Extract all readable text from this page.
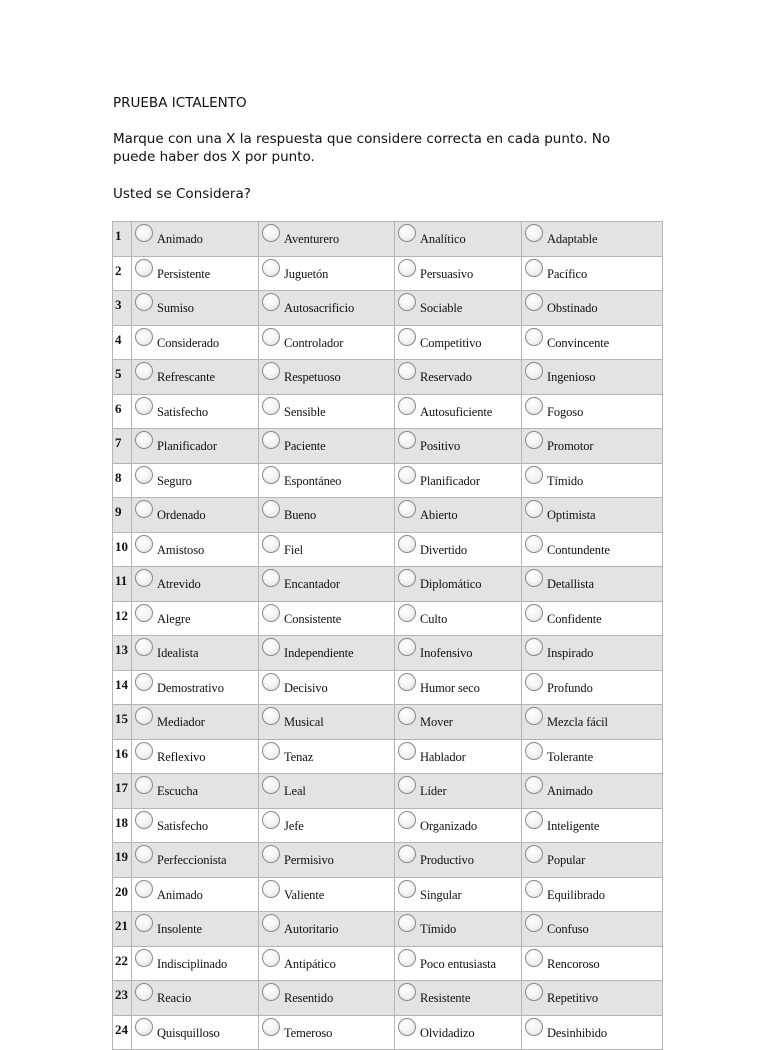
PRUEBA ICTALENTO

Marque con una X la respuesta que considere correcta en cada punto. No puede haber dos X por punto.

Usted se Considera?

1	Animado	Aventurero	Analítico	Adaptable

2	Persistente	Juguetón	Persuasivo	Pacífico

3	Sumiso	Autosacrificio	Sociable	Obstinado

4	Considerado	Controlador	Competitivo	Convincente

5	Refrescante	Respetuoso	Reservado	Ingenioso

6	Satisfecho	Sensible	Autosuficiente	Fogoso

7	Planificador	Paciente	Positivo	Promotor

8	Seguro	Espontáneo	Planificador	Tímido

9	Ordenado	Bueno	Abierto	Optimista

10	Amistoso	Fiel	Divertido	Contundente

11	Atrevido	Encantador	Diplomático	Detallista

12	Alegre	Consistente	Culto	Confidente

13	Idealista	Independiente	Inofensivo	Inspirado

14	Demostrativo	Decisivo	Humor seco	Profundo

15	Mediador	Musical	Mover	Mezcla fácil

16	Reflexivo	Tenaz	Hablador	Tolerante

17	Escucha	Leal	Líder	Animado

18	Satisfecho	Jefe	Organizado	Inteligente

19	Perfeccionista	Permisivo	Productivo	Popular

20	Animado	Valiente	Singular	Equilibrado

21	Insolente	Autoritario	Tímido	Confuso

22	Indisciplinado	Antipático	Poco entusiasta	Rencoroso

23	Reacio	Resentido	Resistente	Repetitivo

24	Quisquilloso	Temeroso	Olvidadizo	Desinhibido
